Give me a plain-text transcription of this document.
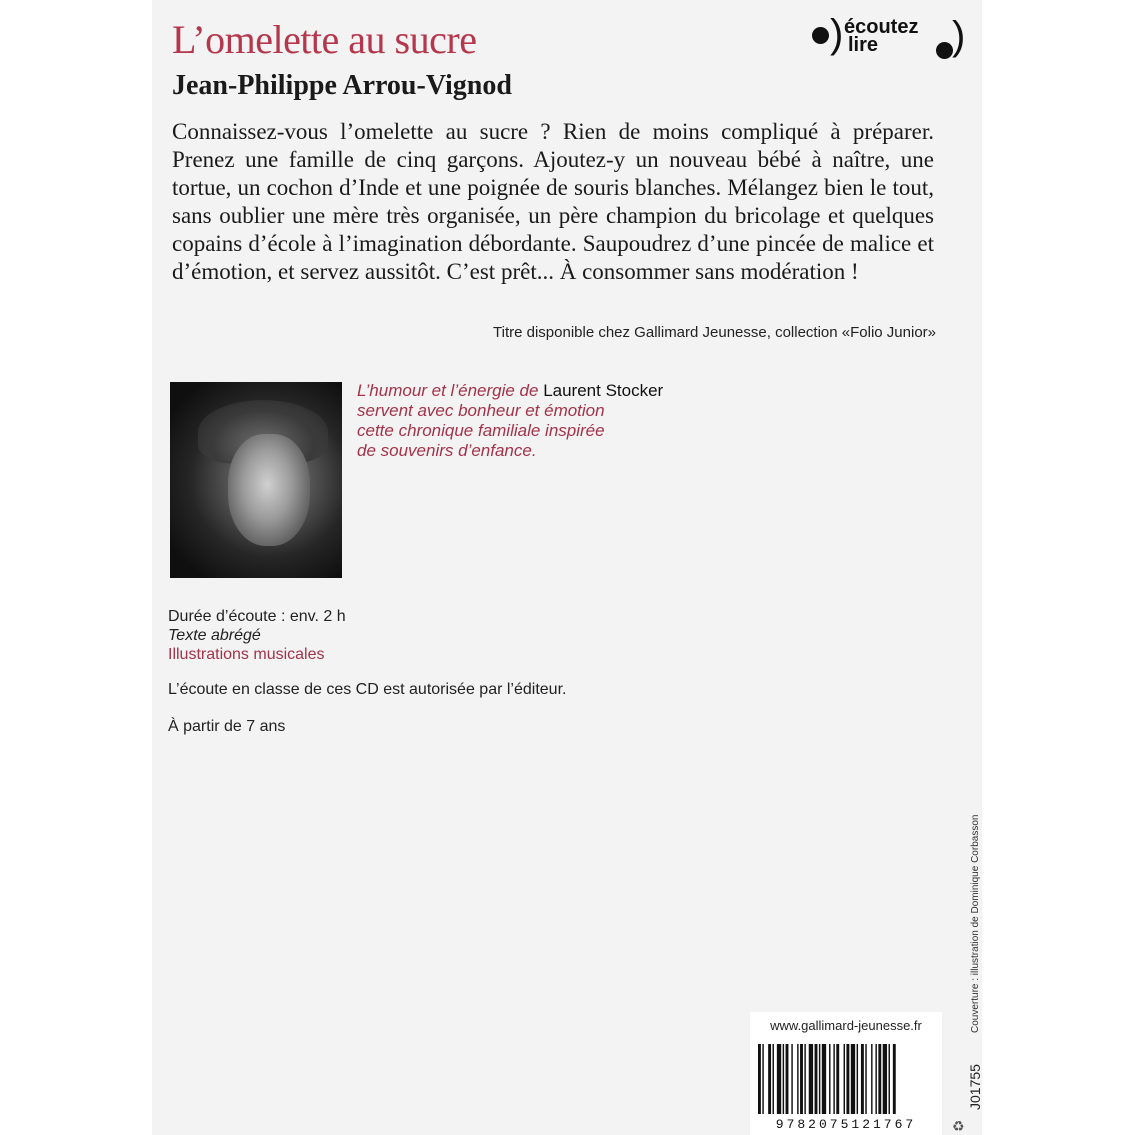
L’omelette au sucre
Jean-Philippe Arrou-Vignod
) écoutez
lire )
Connaissez-vous l’omelette au sucre ? Rien de moins compliqué à préparer. Prenez une famille de cinq garçons. Ajoutez-y un nouveau bébé à naître, une tortue, un cochon d’Inde et une poignée de souris blanches. Mélangez bien le tout, sans oublier une mère très organisée, un père champion du bricolage et quelques copains d’école à l’imagination débordante. Saupoudrez d’une pincée de malice et d’émotion, et servez aussitôt. C’est prêt... À consommer sans modération !
Titre disponible chez Gallimard Jeunesse, collection «Folio Junior»
L’humour et l’énergie de Laurent Stocker
servent avec bonheur et émotion
cette chronique familiale inspirée
de souvenirs d’enfance.
Durée d’écoute : env. 2 h
Texte abrégé
Illustrations musicales
L’écoute en classe de ces CD est autorisée par l’éditeur.
À partir de 7 ans
www.gallimard-jeunesse.fr
9782075121767
Couverture : illustration de Dominique Corbasson
J01755
♻
